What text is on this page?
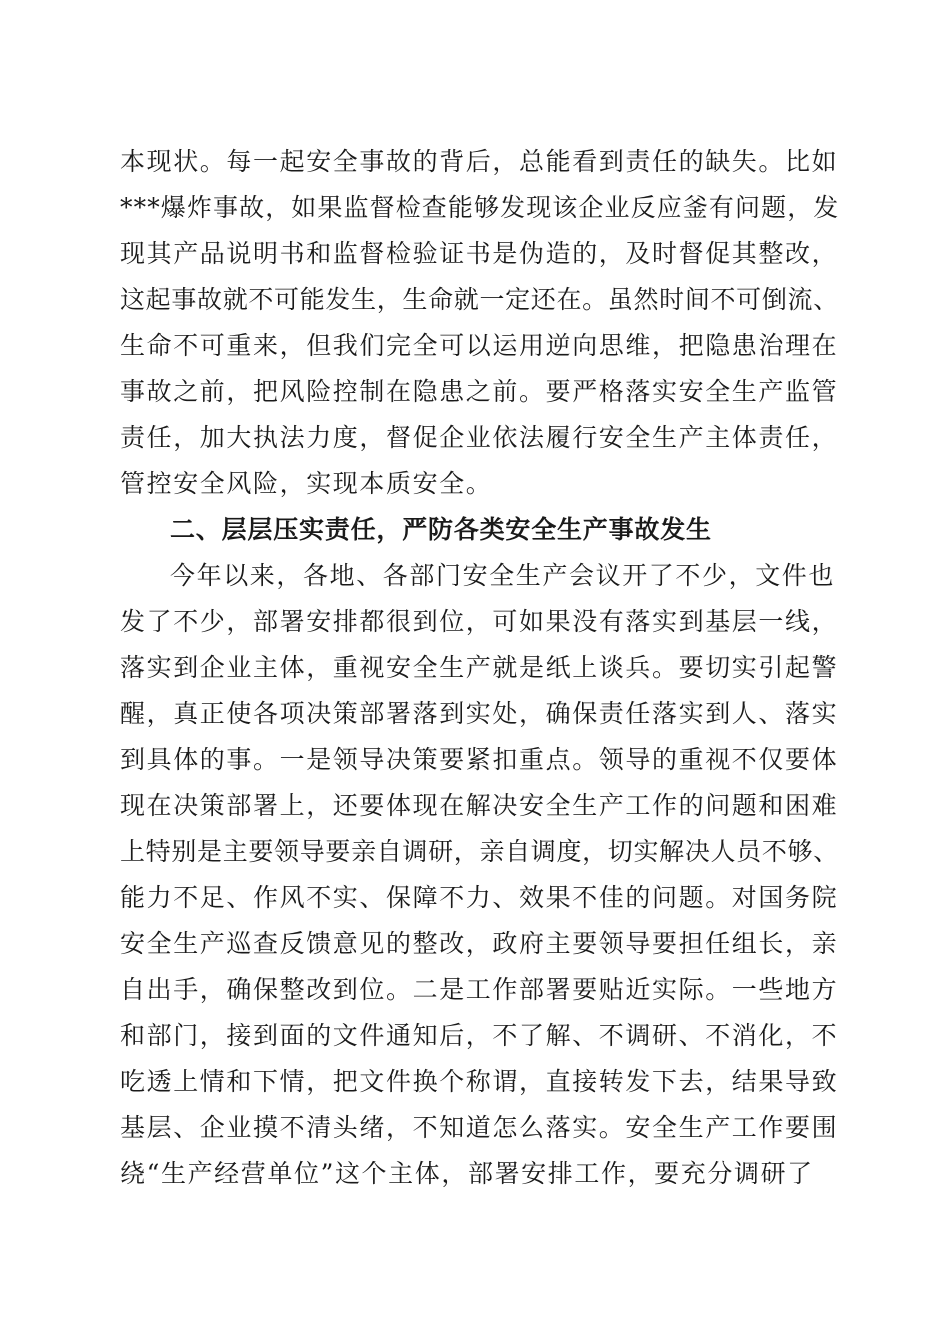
本现状。每一起安全事故的背后，总能看到责任的缺失。比如
***爆炸事故，如果监督检查能够发现该企业反应釜有问题，发
现其产品说明书和监督检验证书是伪造的，及时督促其整改，
这起事故就不可能发生，生命就一定还在。虽然时间不可倒流、
生命不可重来，但我们完全可以运用逆向思维，把隐患治理在
事故之前，把风险控制在隐患之前。要严格落实安全生产监管
责任，加大执法力度，督促企业依法履行安全生产主体责任，
管控安全风险，实现本质安全。
二、层层压实责任，严防各类安全生产事故发生
今年以来，各地、各部门安全生产会议开了不少，文件也
发了不少，部署安排都很到位，可如果没有落实到基层一线，
落实到企业主体，重视安全生产就是纸上谈兵。要切实引起警
醒，真正使各项决策部署落到实处，确保责任落实到人、落实
到具体的事。一是领导决策要紧扣重点。领导的重视不仅要体
现在决策部署上，还要体现在解决安全生产工作的问题和困难
上特别是主要领导要亲自调研，亲自调度，切实解决人员不够、
能力不足、作风不实、保障不力、效果不佳的问题。对国务院
安全生产巡查反馈意见的整改，政府主要领导要担任组长，亲
自出手，确保整改到位。二是工作部署要贴近实际。一些地方
和部门，接到面的文件通知后，不了解、不调研、不消化，不
吃透上情和下情，把文件换个称谓，直接转发下去，结果导致
基层、企业摸不清头绪，不知道怎么落实。安全生产工作要围
绕“生产经营单位”这个主体，部署安排工作，要充分调研了
